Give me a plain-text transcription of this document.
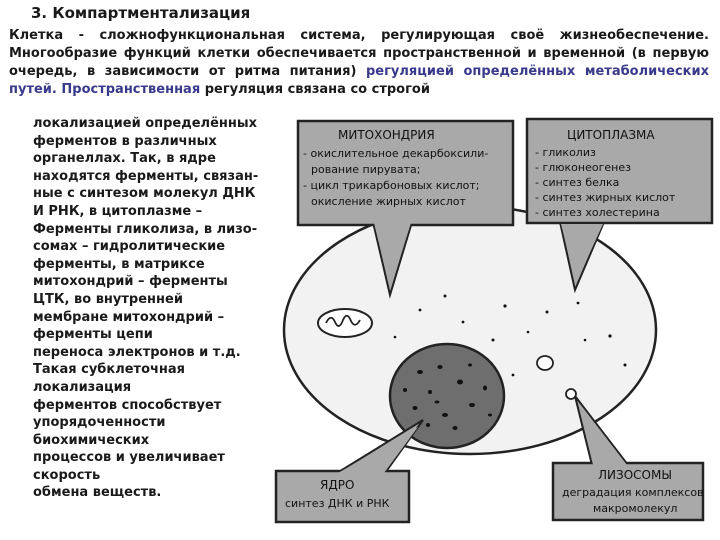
3. Компартментализация
Клетка - сложнофункциональная система, регулирующая своё жизнеобеспечение. Многообразие функций клетки обеспечивается пространственной и временной (в первую очередь, в зависимости от ритма питания) регуляцией определённых метаболических путей. Пространственная регуляция связана со строгой
локализацией определённых
ферментов в различных
органеллах. Так, в ядре
находятся ферменты, связан-
ные с синтезом молекул ДНК
И РНК, в цитоплазме –
Ферменты гликолиза, в лизо-
сомах – гидролитические
ферменты, в матриксе
митохондрий – ферменты
ЦТК, во внутренней
мембране митохондрий –
ферменты цепи
переноса электронов и т.д.
Такая субклеточная
локализация
ферментов способствует
упорядоченности
биохимических
процессов и увеличивает
скорость
обмена веществ.
МИТОХОНДРИЯ
- окислительное декарбоксили-
рование пирувата;
- цикл трикарбоновых кислот;
окисление жирных кислот
ЦИТОПЛАЗМА
- гликолиз
- глюконеогенез
- синтез белка
- синтез жирных кислот
- синтез холестерина
ЯДРО
синтез ДНК и РНК
ЛИЗОСОМЫ
деградация комплексов
макромолекул
